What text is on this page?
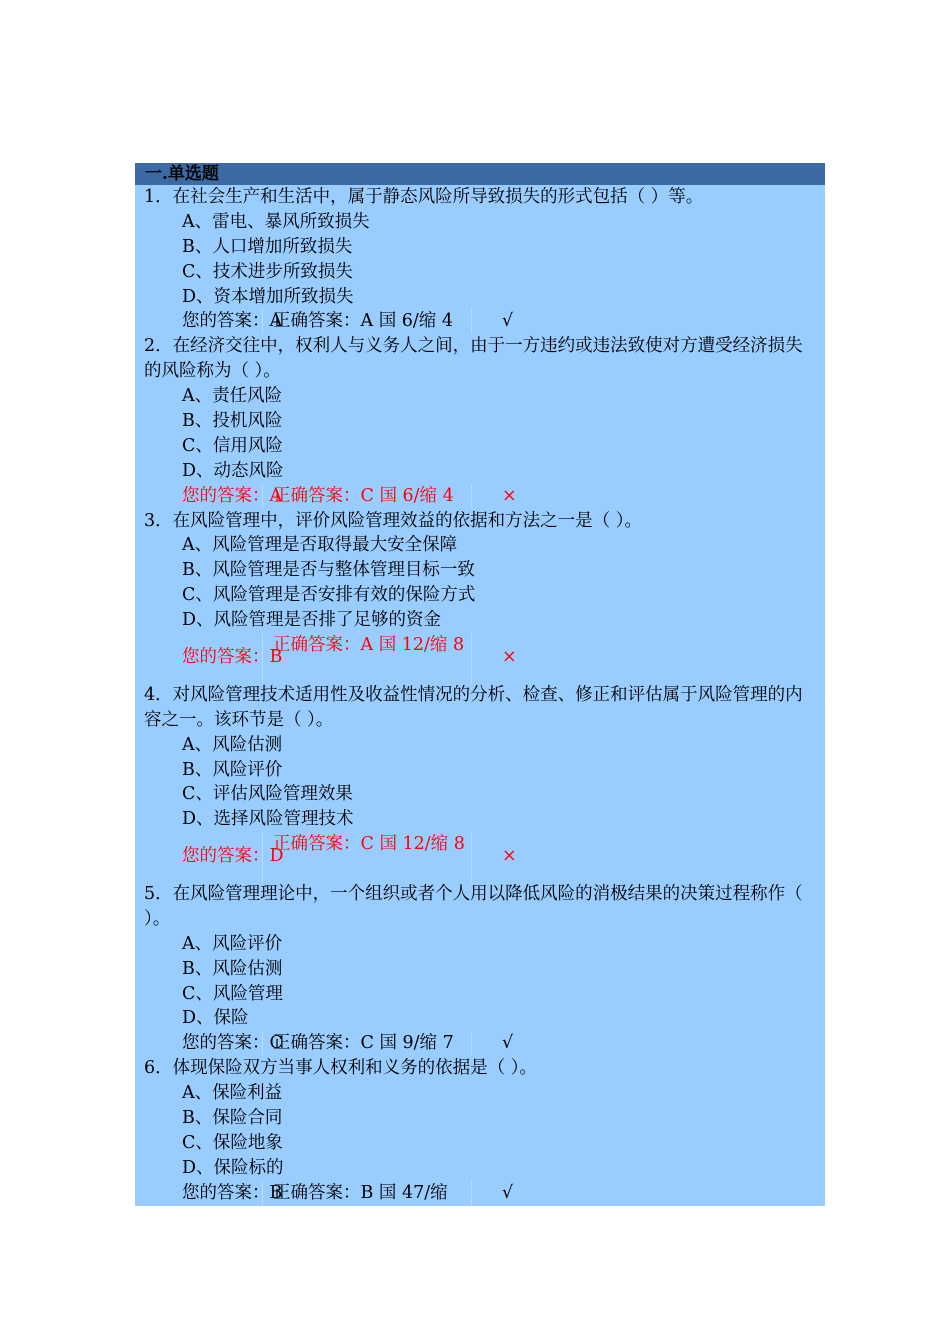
一.单选题
1．在社会生产和生活中，属于静态风险所导致损失的形式包括（ ）等。
A、雷电、暴风所致损失
B、人口增加所致损失
C、技术进步所致损失
D、资本增加所致损失
您的答案：A
正确答案：A 国 6/缩 4	√
2．在经济交往中，权利人与义务人之间，由于一方违约或违法致使对方遭受经济损失的风险称为（ ）。
A、责任风险
B、投机风险
C、信用风险
D、动态风险
您的答案：A
正确答案：C 国 6/缩 4	×
3．在风险管理中，评价风险管理效益的依据和方法之一是（ ）。
A、风险管理是否取得最大安全保障
B、风险管理是否与整体管理目标一致
C、风险管理是否安排有效的保险方式
D、风险管理是否排了足够的资金
您的答案：B
正确答案：A 国 12/缩 8
×
4．对风险管理技术适用性及收益性情况的分析、检查、修正和评估属于风险管理的内容之一。该环节是（ ）。
A、风险估测
B、风险评价
C、评估风险管理效果
D、选择风险管理技术
您的答案：D
正确答案：C 国 12/缩 8
×
5．在风险管理理论中，一个组织或者个人用以降低风险的消极结果的决策过程称作（ ）。
A、风险评价
B、风险估测
C、风险管理
D、保险
您的答案：C
正确答案：C 国 9/缩 7	√
6．体现保险双方当事人权利和义务的依据是（ ）。
A、保险利益
B、保险合同
C、保险地象
D、保险标的
您的答案：B
正确答案：B 国 47/缩	√
